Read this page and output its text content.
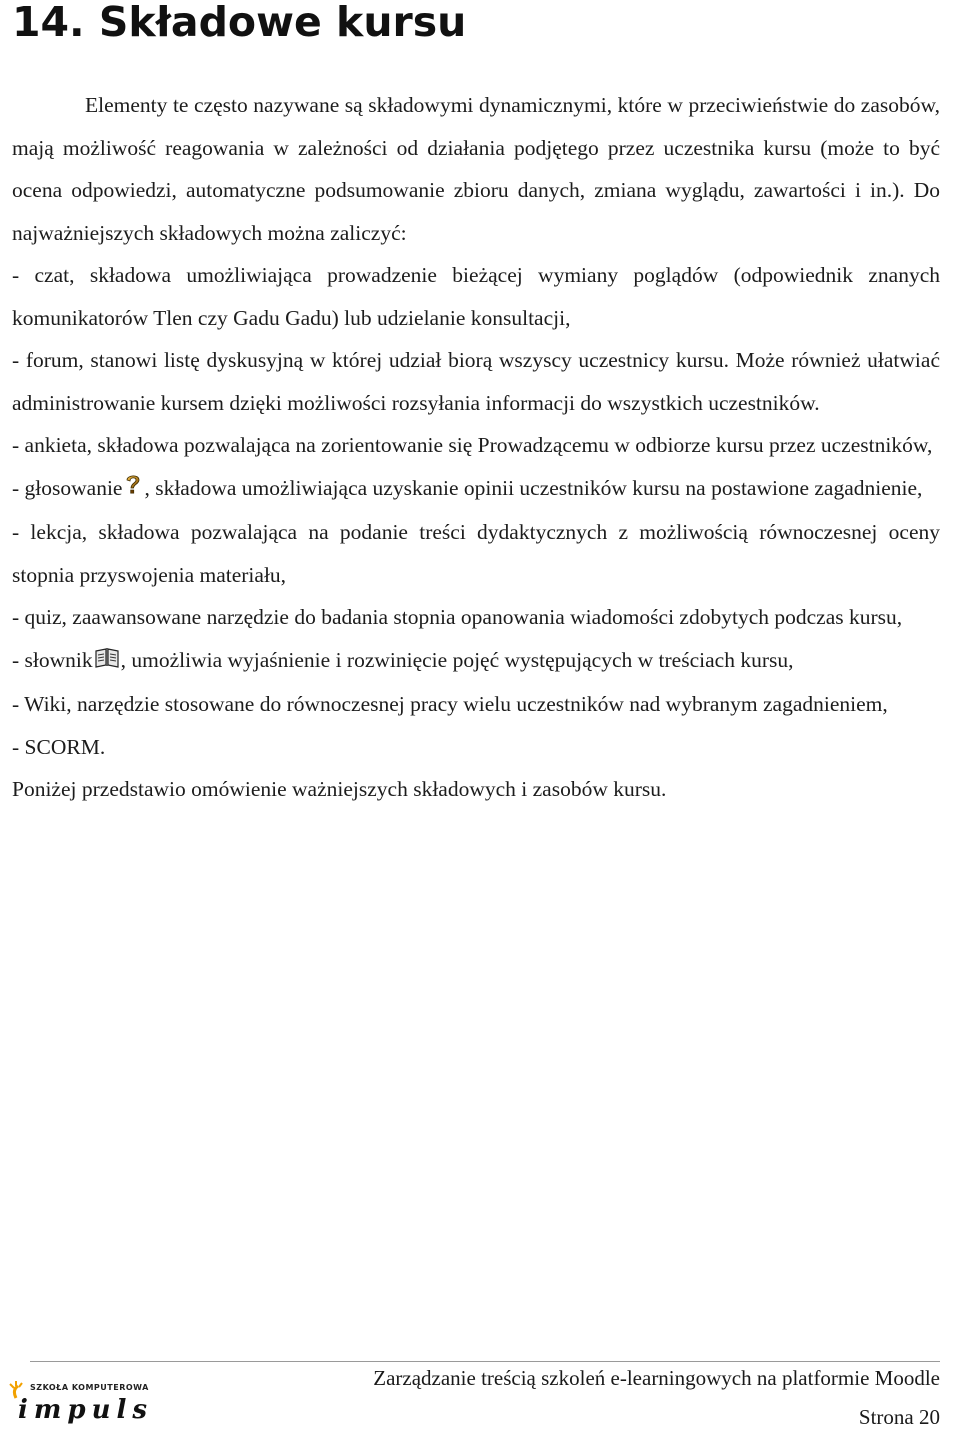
14. Składowe kursu

Elementy te często nazywane są składowymi dynamicznymi, które w przeciwieństwie do zasobów, mają możliwość reagowania w zależności od działania podjętego przez uczestnika kursu (może to być ocena odpowiedzi, automatyczne podsumowanie zbioru danych, zmiana wyglądu, zawartości i in.). Do najważniejszych składowych można zaliczyć:

- czat, składowa umożliwiająca prowadzenie bieżącej wymiany poglądów (odpowiednik znanych komunikatorów Tlen czy Gadu Gadu) lub udzielanie konsultacji,

- forum, stanowi listę dyskusyjną w której udział biorą wszyscy uczestnicy kursu. Może również ułatwiać administrowanie kursem dzięki możliwości rozsyłania informacji do wszystkich uczestników.

- ankieta, składowa pozwalająca na zorientowanie się Prowadzącemu w odbiorze kursu przez uczestników,

- głosowanie , składowa umożliwiająca uzyskanie opinii uczestników kursu na postawione zagadnienie,

- lekcja, składowa pozwalająca na podanie treści dydaktycznych z możliwością równoczesnej oceny stopnia przyswojenia materiału,

- quiz, zaawansowane narzędzie do badania stopnia opanowania wiadomości zdobytych podczas kursu,

- słownik , umożliwia wyjaśnienie i rozwinięcie pojęć występujących w treściach kursu,

- Wiki, narzędzie stosowane do równoczesnej pracy wielu uczestników nad wybranym zagadnieniem,

- SCORM.

Poniżej przedstawio omówienie ważniejszych składowych i zasobów kursu.

SZKOŁA KOMPUTEROWA
impuls
Zarządzanie treścią szkoleń e-learningowych na platformie Moodle
Strona 20
